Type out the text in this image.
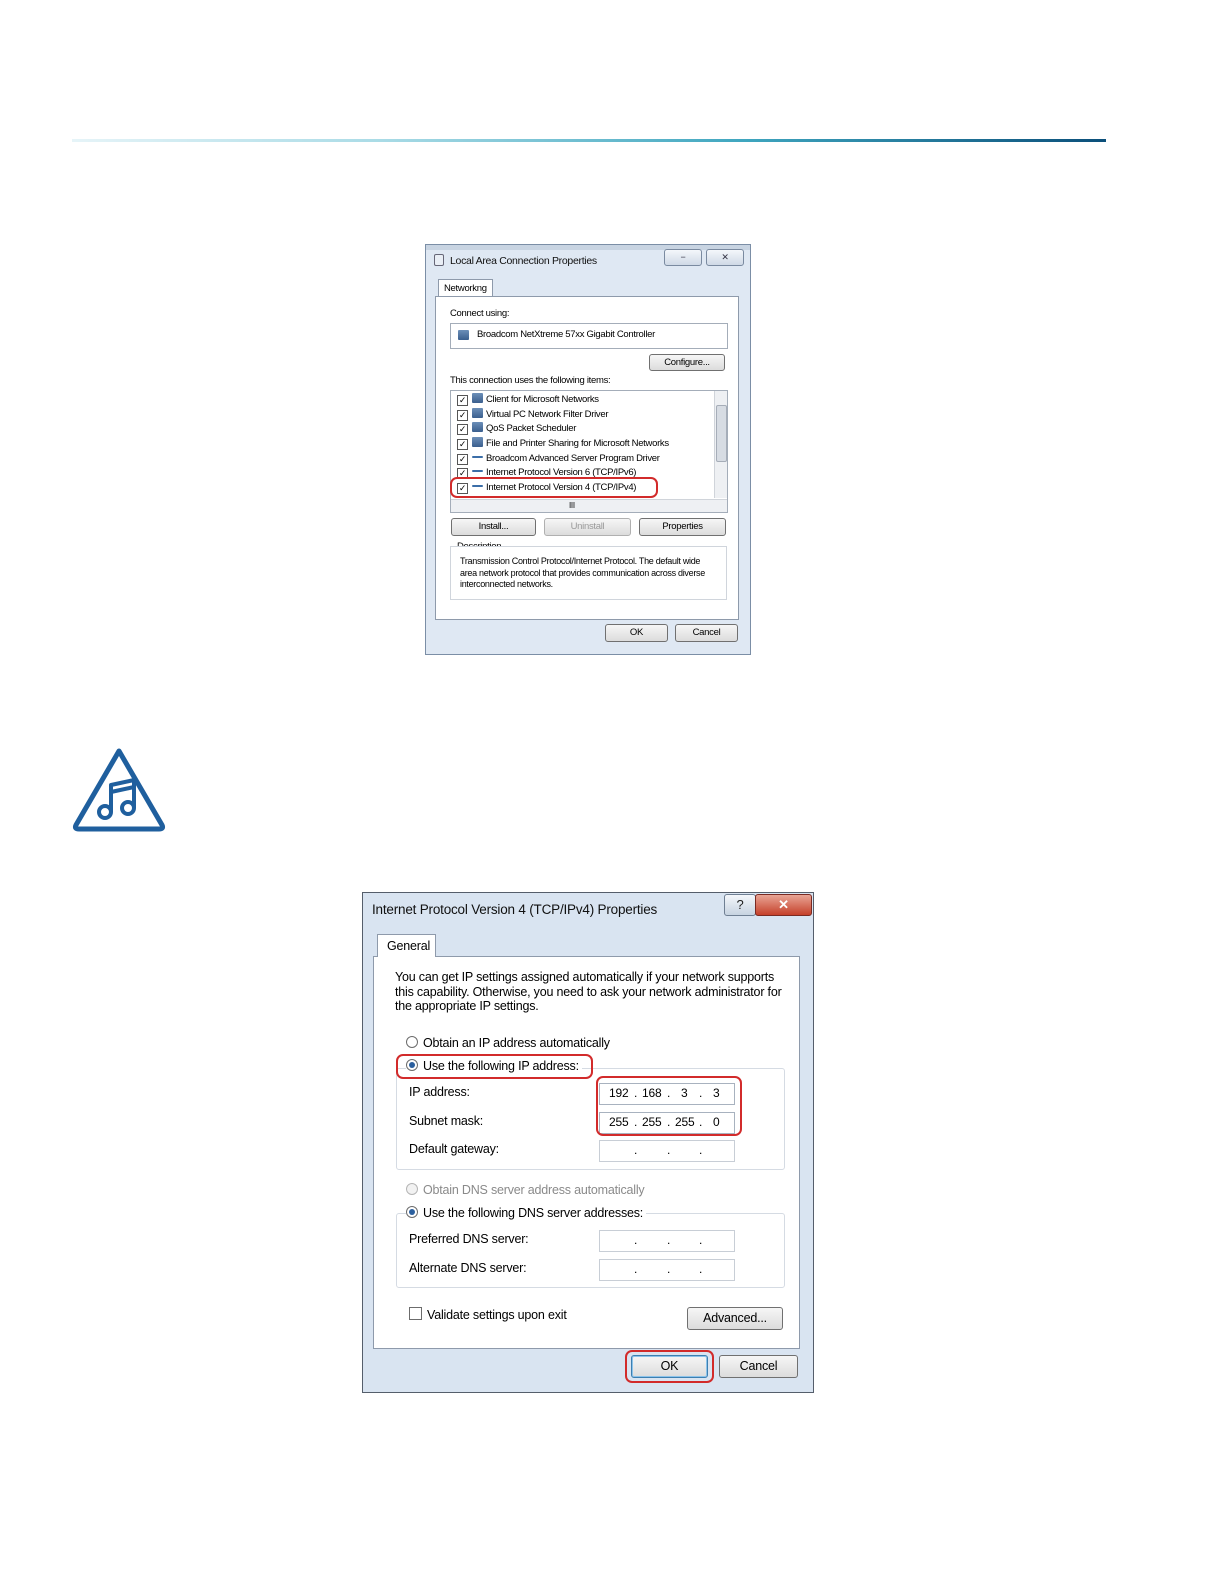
Local Area Connection Properties	−	✕
Networkng
Connect using:
Broadcom NetXtreme 57xx Gigabit Controller
Configure...
This connection uses the following items:
✓ Client for Microsoft Networks
✓ Virtual PC Network Filter Driver
✓ QoS Packet Scheduler
✓ File and Printer Sharing for Microsoft Networks
✓ Broadcom Advanced Server Program Driver
✓ Internet Protocol Version 6 (TCP/IPv6)
✓ Internet Protocol Version 4 (TCP/IPv4)
III
Install...	Uninstall	Properties
Transmission Control Protocol/Internet Protocol. The default wide area network protocol that provides communication across diverse interconnected networks.
OK	Cancel
Internet Protocol Version 4 (TCP/IPv4) Properties	?	✕
General
You can get IP settings assigned automatically if your network supports this capability. Otherwise, you need to ask your network administrator for the appropriate IP settings.
Obtain an IP address automatically
Use the following IP address:
IP address:	192 . 168 . 3 . 3
Subnet mask:	255 . 255 . 255 . 0
Default gateway:	. . .
Obtain DNS server address automatically
Use the following DNS server addresses:
Preferred DNS server:	. . .
Alternate DNS server:	. . .
Validate settings upon exit	Advanced...
OK	Cancel
